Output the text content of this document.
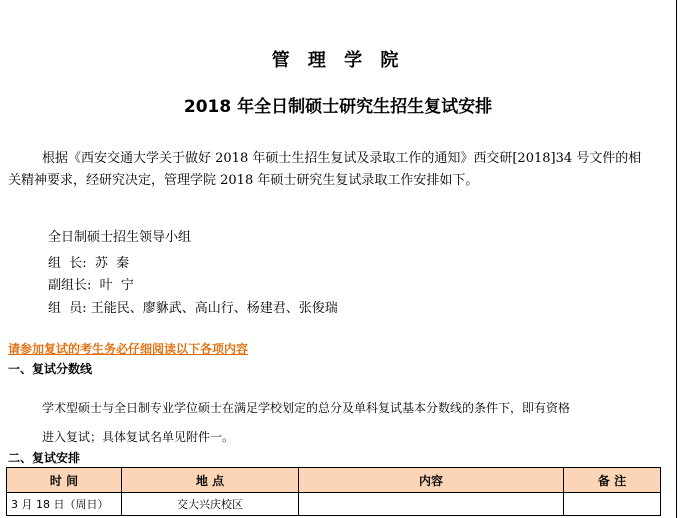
管 理 学 院
2018 年全日制硕士研究生招生复试安排
根据《西安交通大学关于做好 2018 年硕士生招生复试及录取工作的通知》西交研[2018]34 号文件的相关精神要求，经研究决定，管理学院 2018 年硕士研究生复试录取工作安排如下。
全日制硕士招生领导小组
组  长:  苏  秦
副组长:  叶  宁
组  员: 王能民、廖貅武、高山行、杨建君、张俊瑞
请参加复试的考生务必仔细阅读以下各项内容
一、复试分数线
学术型硕士与全日制专业学位硕士在满足学校划定的总分及单科复试基本分数线的条件下，即有资格
进入复试；具体复试名单见附件一。
二、复试安排
时 间	地 点	内容	备 注
3 月 18 日（周日）	交大兴庆校区		
